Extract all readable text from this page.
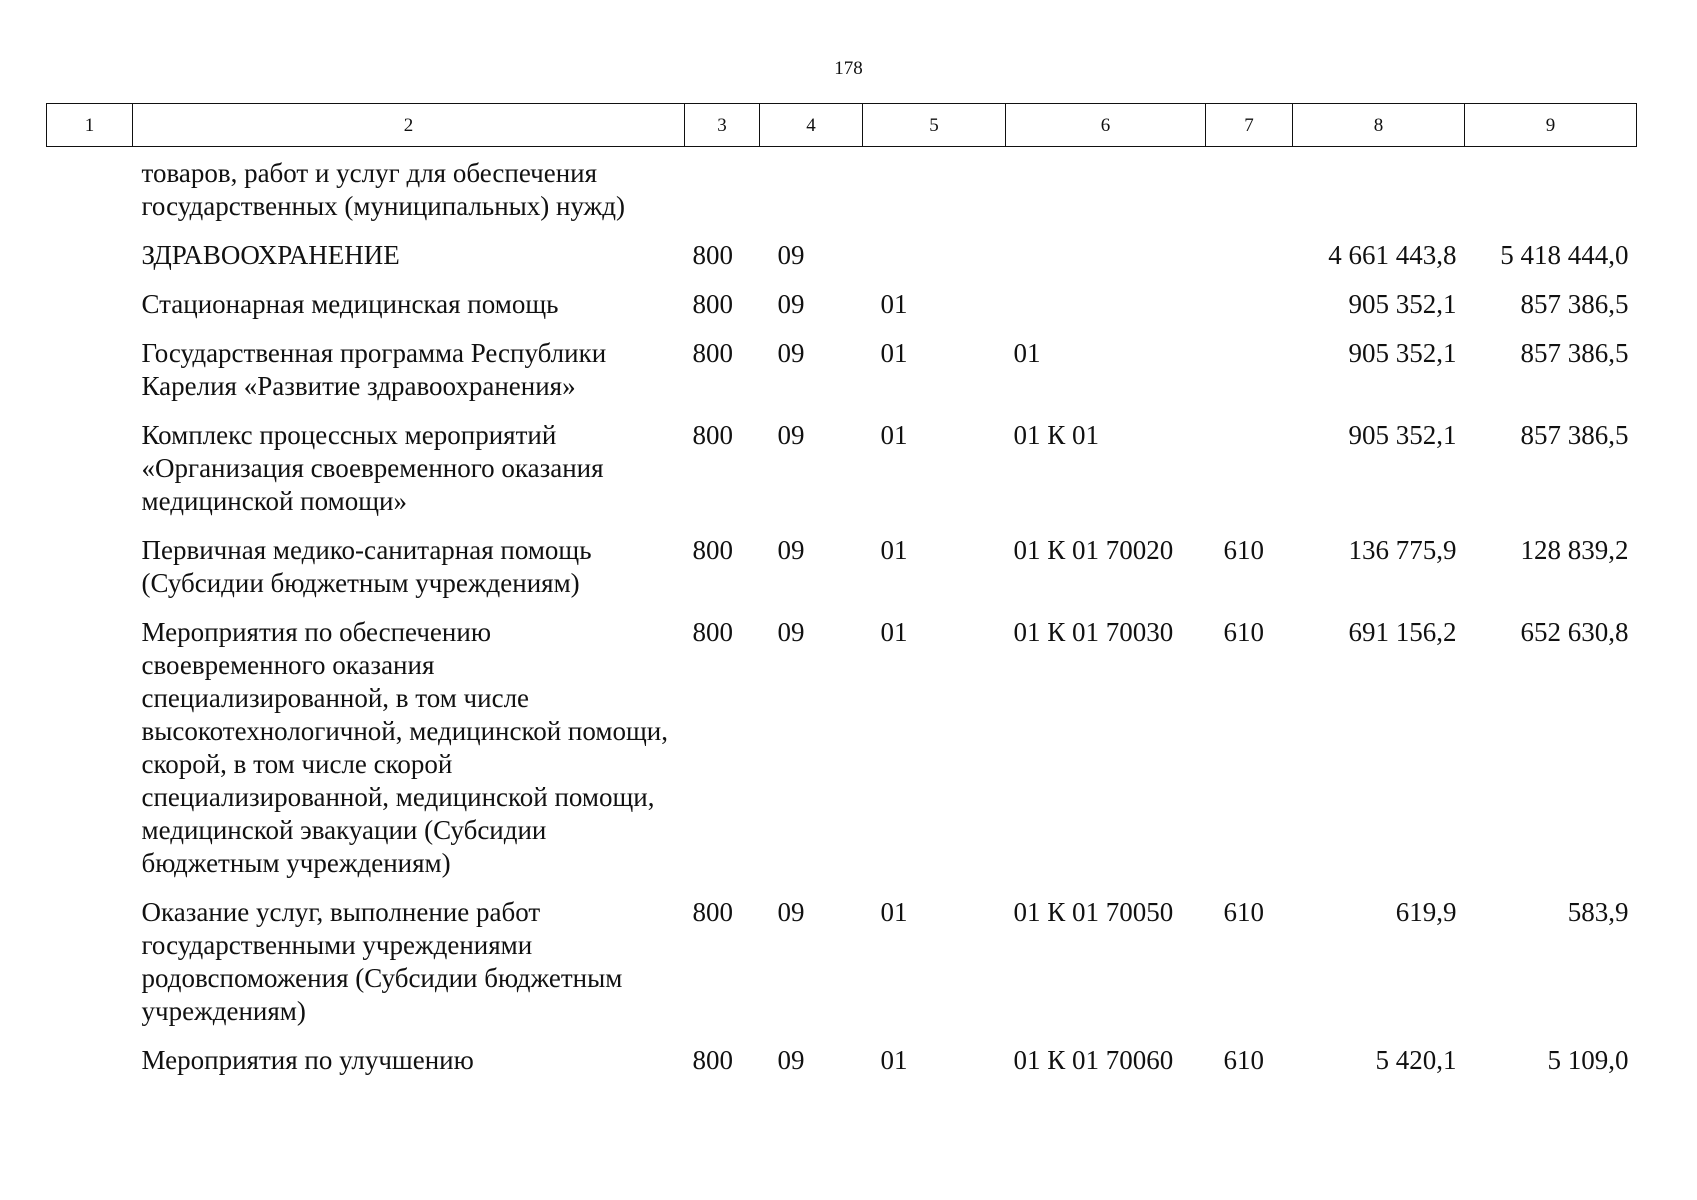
178
1	2	3	4	5	6	7	8	9
	товаров, работ и услуг для обеспечения государственных (муниципальных) нужд)							
	ЗДРАВООХРАНЕНИЕ	800	09				4 661 443,8	5 418 444,0
	Стационарная медицинская помощь	800	09	01			905 352,1	857 386,5
	Государственная программа Республики Карелия «Развитие здравоохранения»	800	09	01	01		905 352,1	857 386,5
	Комплекс процессных мероприятий «Организация своевременного оказания медицинской помощи»	800	09	01	01 К 01		905 352,1	857 386,5
	Первичная медико-санитарная помощь (Субсидии бюджетным учреждениям)	800	09	01	01 К 01 70020	610	136 775,9	128 839,2
	Мероприятия по обеспечению своевременного оказания специализированной, в том числе высокотехнологичной, медицинской помощи, скорой, в том числе скорой специализированной, медицинской помощи, медицинской эвакуации (Субсидии бюджетным учреждениям)	800	09	01	01 К 01 70030	610	691 156,2	652 630,8
	Оказание услуг, выполнение работ государственными учреждениями родовспоможения (Субсидии бюджетным учреждениям)	800	09	01	01 К 01 70050	610	619,9	583,9
	Мероприятия по улучшению	800	09	01	01 К 01 70060	610	5 420,1	5 109,0
